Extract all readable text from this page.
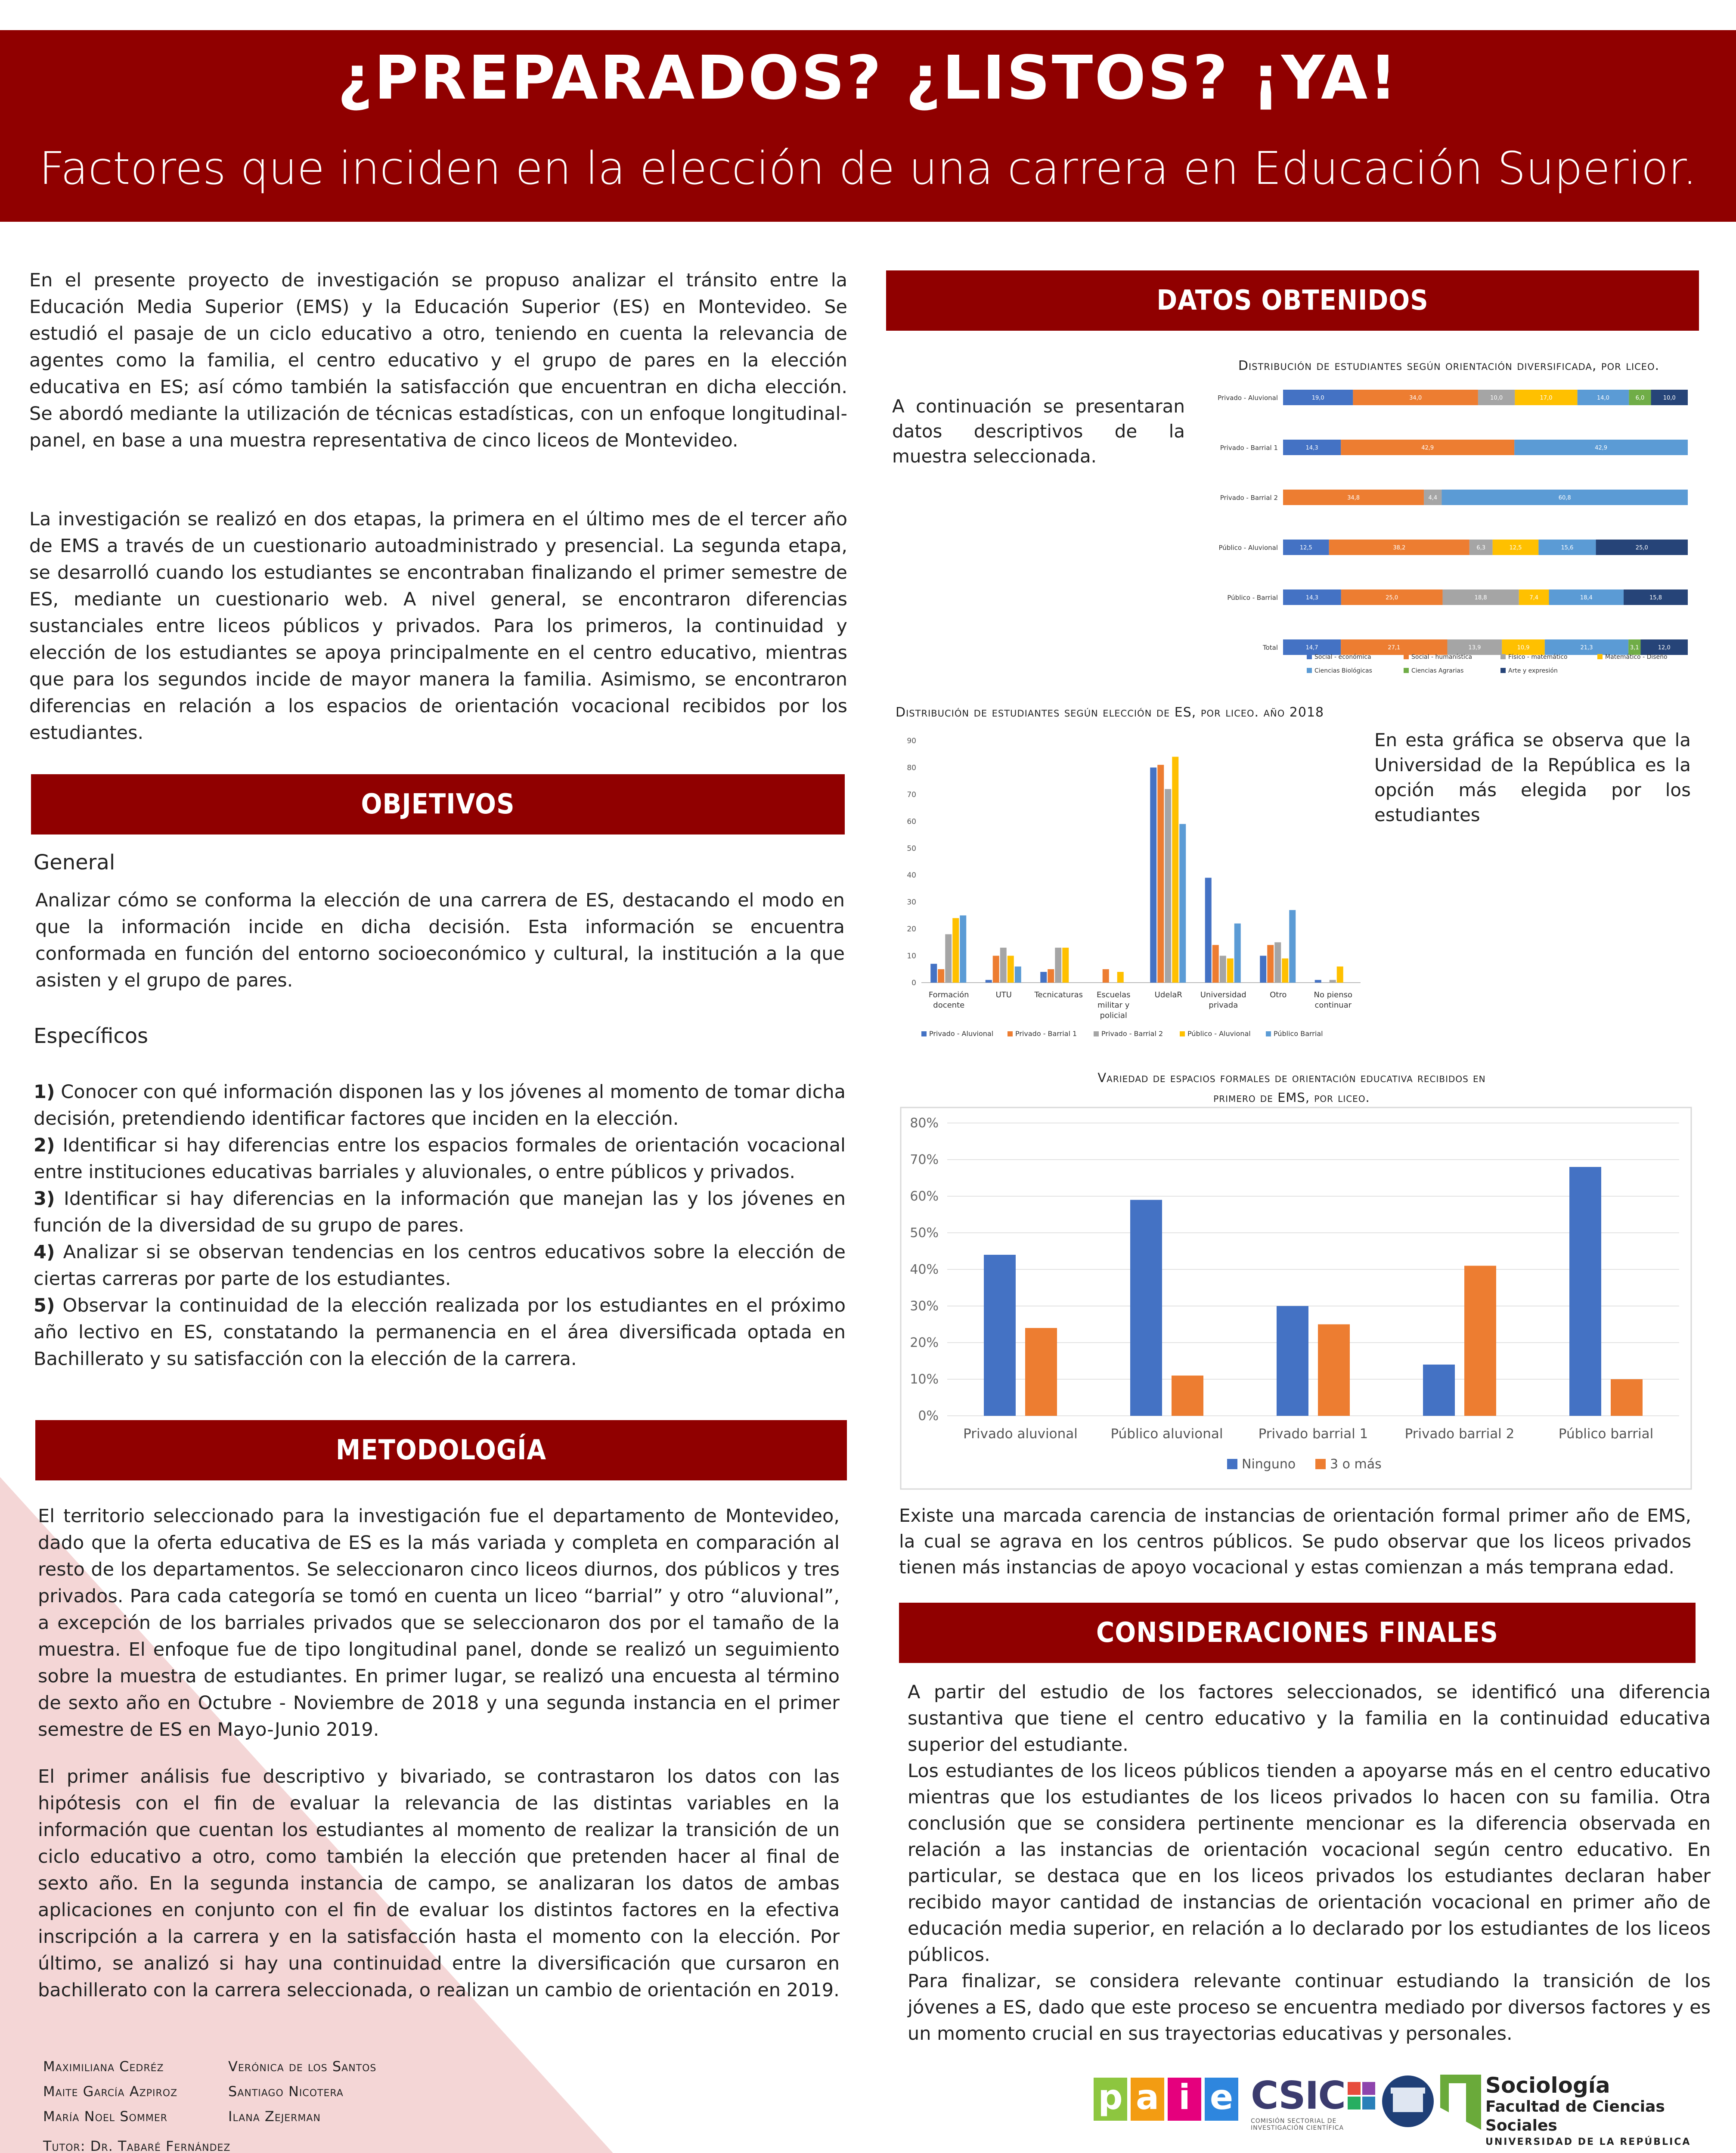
¿PREPARADOS? ¿LISTOS? ¡YA!
Factores que inciden en la elección de una carrera en Educación Superior.
En el presente proyecto de investigación se propuso analizar el tránsito entre la Educación Media Superior (EMS) y la Educación Superior (ES) en Montevideo. Se estudió el pasaje de un ciclo educativo a otro, teniendo en cuenta la relevancia de agentes como la familia, el centro educativo y el grupo de pares en la elección educativa en ES; así cómo también la satisfacción que encuentran en dicha elección. Se abordó mediante la utilización de técnicas estadísticas, con un enfoque longitudinal-panel, en base a una muestra representativa de cinco liceos de Montevideo.
La investigación se realizó en dos etapas, la primera en el último mes de el tercer año de EMS a través de un cuestionario autoadministrado y presencial. La segunda etapa, se desarrolló cuando los estudiantes se encontraban finalizando el primer semestre de ES, mediante un cuestionario web. A nivel general, se encontraron diferencias sustanciales entre liceos públicos y privados. Para los primeros, la continuidad y elección de los estudiantes se apoya principalmente en el centro educativo, mientras que para los segundos incide de mayor manera la familia. Asimismo, se encontraron diferencias en relación a los espacios de orientación vocacional recibidos por los estudiantes.
OBJETIVOS
General
Analizar cómo se conforma la elección de una carrera de ES, destacando el modo en que la información incide en dicha decisión. Esta información se encuentra conformada en función del entorno socioeconómico y cultural, la institución a la que asisten y el grupo de pares.
Específicos
1) Conocer con qué información disponen las y los jóvenes al momento de tomar dicha decisión, pretendiendo identificar factores que inciden en la elección.
2) Identificar si hay diferencias entre los espacios formales de orientación vocacional entre instituciones educativas barriales y aluvionales, o entre públicos y privados.
3) Identificar si hay diferencias en la información que manejan las y los jóvenes en función de la diversidad de su grupo de pares.
4) Analizar si se observan tendencias en los centros educativos sobre la elección de ciertas carreras por parte de los estudiantes.
5) Observar la continuidad de la elección realizada por los estudiantes en el próximo año lectivo en ES, constatando la permanencia en el área diversificada optada en Bachillerato y su satisfacción con la elección de la carrera.
METODOLOGÍA
El territorio seleccionado para la investigación fue el departamento de Montevideo, dado que la oferta educativa de ES es la más variada y completa en comparación al resto de los departamentos. Se seleccionaron cinco liceos diurnos, dos públicos y tres privados. Para cada categoría se tomó en cuenta un liceo “barrial” y otro “aluvional”, a excepción de los barriales privados que se seleccionaron dos por el tamaño de la muestra. El enfoque fue de tipo longitudinal panel, donde se realizó un seguimiento sobre la muestra de estudiantes. En primer lugar, se realizó una encuesta al término de sexto año en Octubre - Noviembre de 2018 y una segunda instancia en el primer semestre de ES en Mayo-Junio 2019.
El primer análisis fue descriptivo y bivariado, se contrastaron los datos con las hipótesis con el fin de evaluar la relevancia de las distintas variables en la información que cuentan los estudiantes al momento de realizar la transición de un ciclo educativo a otro, como también la elección que pretenden hacer al final de sexto año. En la segunda instancia de campo, se analizaran los datos de ambas aplicaciones en conjunto con el fin de evaluar los distintos factores en la efectiva inscripción a la carrera y en la satisfacción hasta el momento con la elección. Por último, se analizó si hay una continuidad entre la diversificación que cursaron en bachillerato con la carrera seleccionada, o realizan un cambio de orientación en 2019.
Maximiliana Cedréz
Maite García Azpiroz
María Noel Sommer
Verónica de los Santos
Santiago Nicotera
Ilana Zejerman
Tutor: Dr. Tabaré Fernández
DATOS OBTENIDOS
A continuación se presentaran datos descriptivos de la muestra seleccionada.
Distribución de estudiantes según orientación diversificada, por liceo.
Privado - Aluvional	19,0	34,0	10,0	17,0	14,0	6,0	10,0
Privado - Barrial 1	14,3	42,9	42,9
Privado - Barrial 2	34,8	4,4	60,8
Público - Aluvional	12,5	38,2	6,3	12,5	15,6	25,0
Público - Barrial	14,3	25,0	18,8	7,4	18,4	15,8
Total	14,7	27,1	13,9	10,9	21,3	3,1	12,0
Social - económica	Social - humanística	Físico - matemático	Matemático - Diseño
Ciencias Biológicas	Ciencias Agrarias	Arte y expresión
Distribución de estudiantes según elección de ES, por liceo. año 2018
0
10
20
30
40
50
60
70
80
90
Formación
docente
UTU	Tecnicaturas Escuelas
militar y
policial
UdelaR Universidad
privada
Otro	No pienso
continuar
Privado - Aluvional	Privado - Barrial 1	Privado - Barrial 2	Público - Aluvional	Público Barrial
En esta gráfica se observa que la Universidad de la República es la opción más elegida por los estudiantes
Variedad de espacios formales de orientación educativa recibidos en
primero de EMS, por liceo.
0%
10%
20%
30%
40%
50%
60%
70%
80%
Privado aluvional Público aluvional	Privado barrial 1	Privado barrial 2	Público barrial
Ninguno	3 o más
Existe una marcada carencia de instancias de orientación formal primer año de EMS, la cual se agrava en los centros públicos. Se pudo observar que los liceos privados tienen más instancias de apoyo vocacional y estas comienzan a más temprana edad.
CONSIDERACIONES FINALES
A partir del estudio de los factores seleccionados, se identificó una diferencia sustantiva que tiene el centro educativo y la familia en la continuidad educativa superior del estudiante.
Los estudiantes de los liceos públicos tienden a apoyarse más en el centro educativo mientras que los estudiantes de los liceos privados lo hacen con su familia. Otra conclusión que se considera pertinente mencionar es la diferencia observada en relación a las instancias de orientación vocacional según centro educativo. En particular, se destaca que en los liceos privados los estudiantes declaran haber recibido mayor cantidad de instancias de orientación vocacional en primer año de educación media superior, en relación a lo declarado por los estudiantes de los liceos públicos.
Para finalizar, se considera relevante continuar estudiando la transición de los jóvenes a ES, dado que este proceso se encuentra mediado por diversos factores y es un momento crucial en sus trayectorias educativas y personales.
p a i e CSIC
COMISIÓN SECTORIAL DE
INVESTIGACIÓN CIENTÍFICA
Sociología
Facultad de Ciencias Sociales
UNIVERSIDAD DE LA REPÚBLICA
